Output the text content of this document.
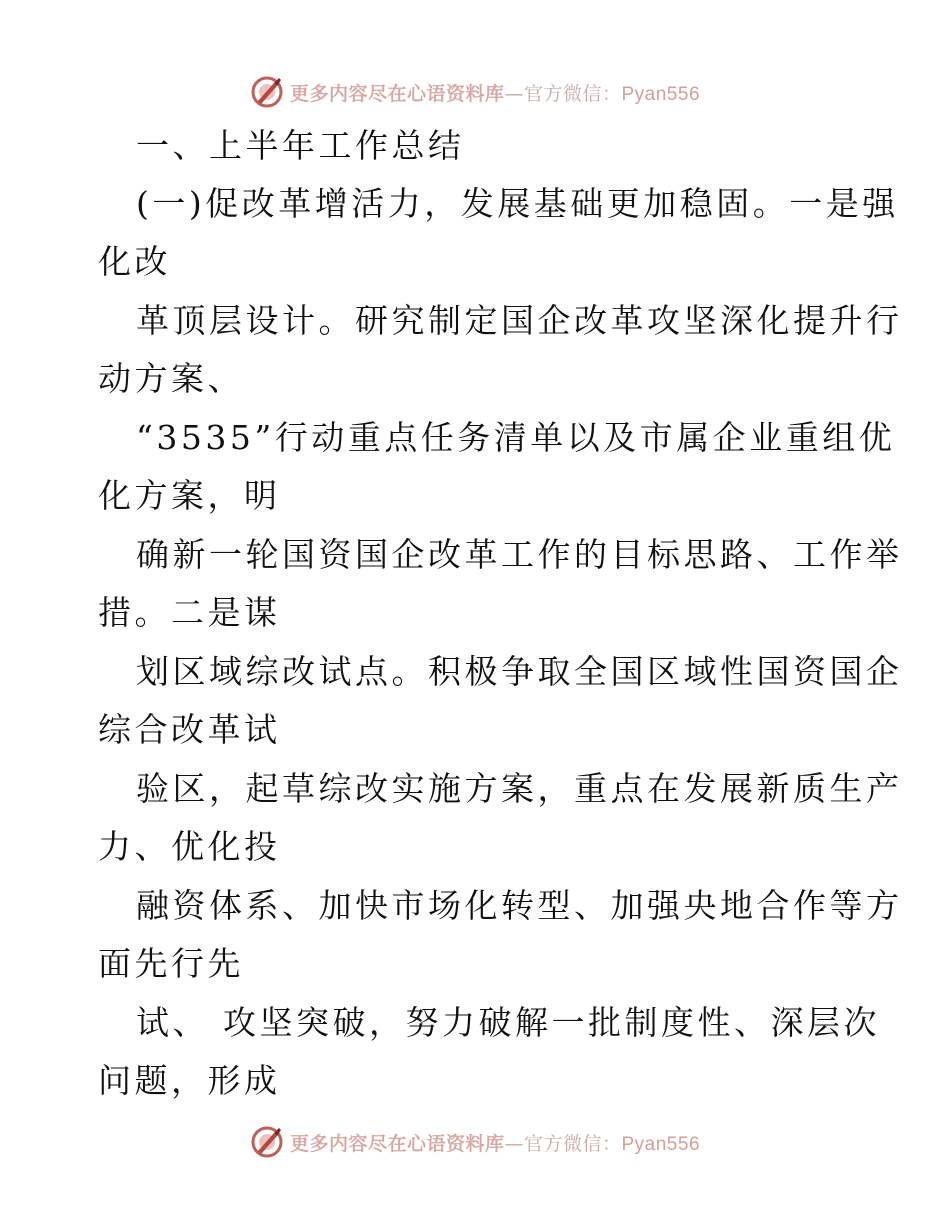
更多内容尽在心语资料库—官方微信：Pyan556
一、上半年工作总结
(一)促改革增活力，发展基础更加稳固。一是强
化改
革顶层设计。研究制定国企改革攻坚深化提升行
动方案、
“3535”行动重点任务清单以及市属企业重组优
化方案，明
确新一轮国资国企改革工作的目标思路、工作举
措。二是谋
划区域综改试点。积极争取全国区域性国资国企
综合改革试
验区，起草综改实施方案，重点在发展新质生产
力、优化投
融资体系、加快市场化转型、加强央地合作等方
面先行先
试、 攻坚突破，努力破解一批制度性、深层次
问题，形成
更多内容尽在心语资料库—官方微信：Pyan556
